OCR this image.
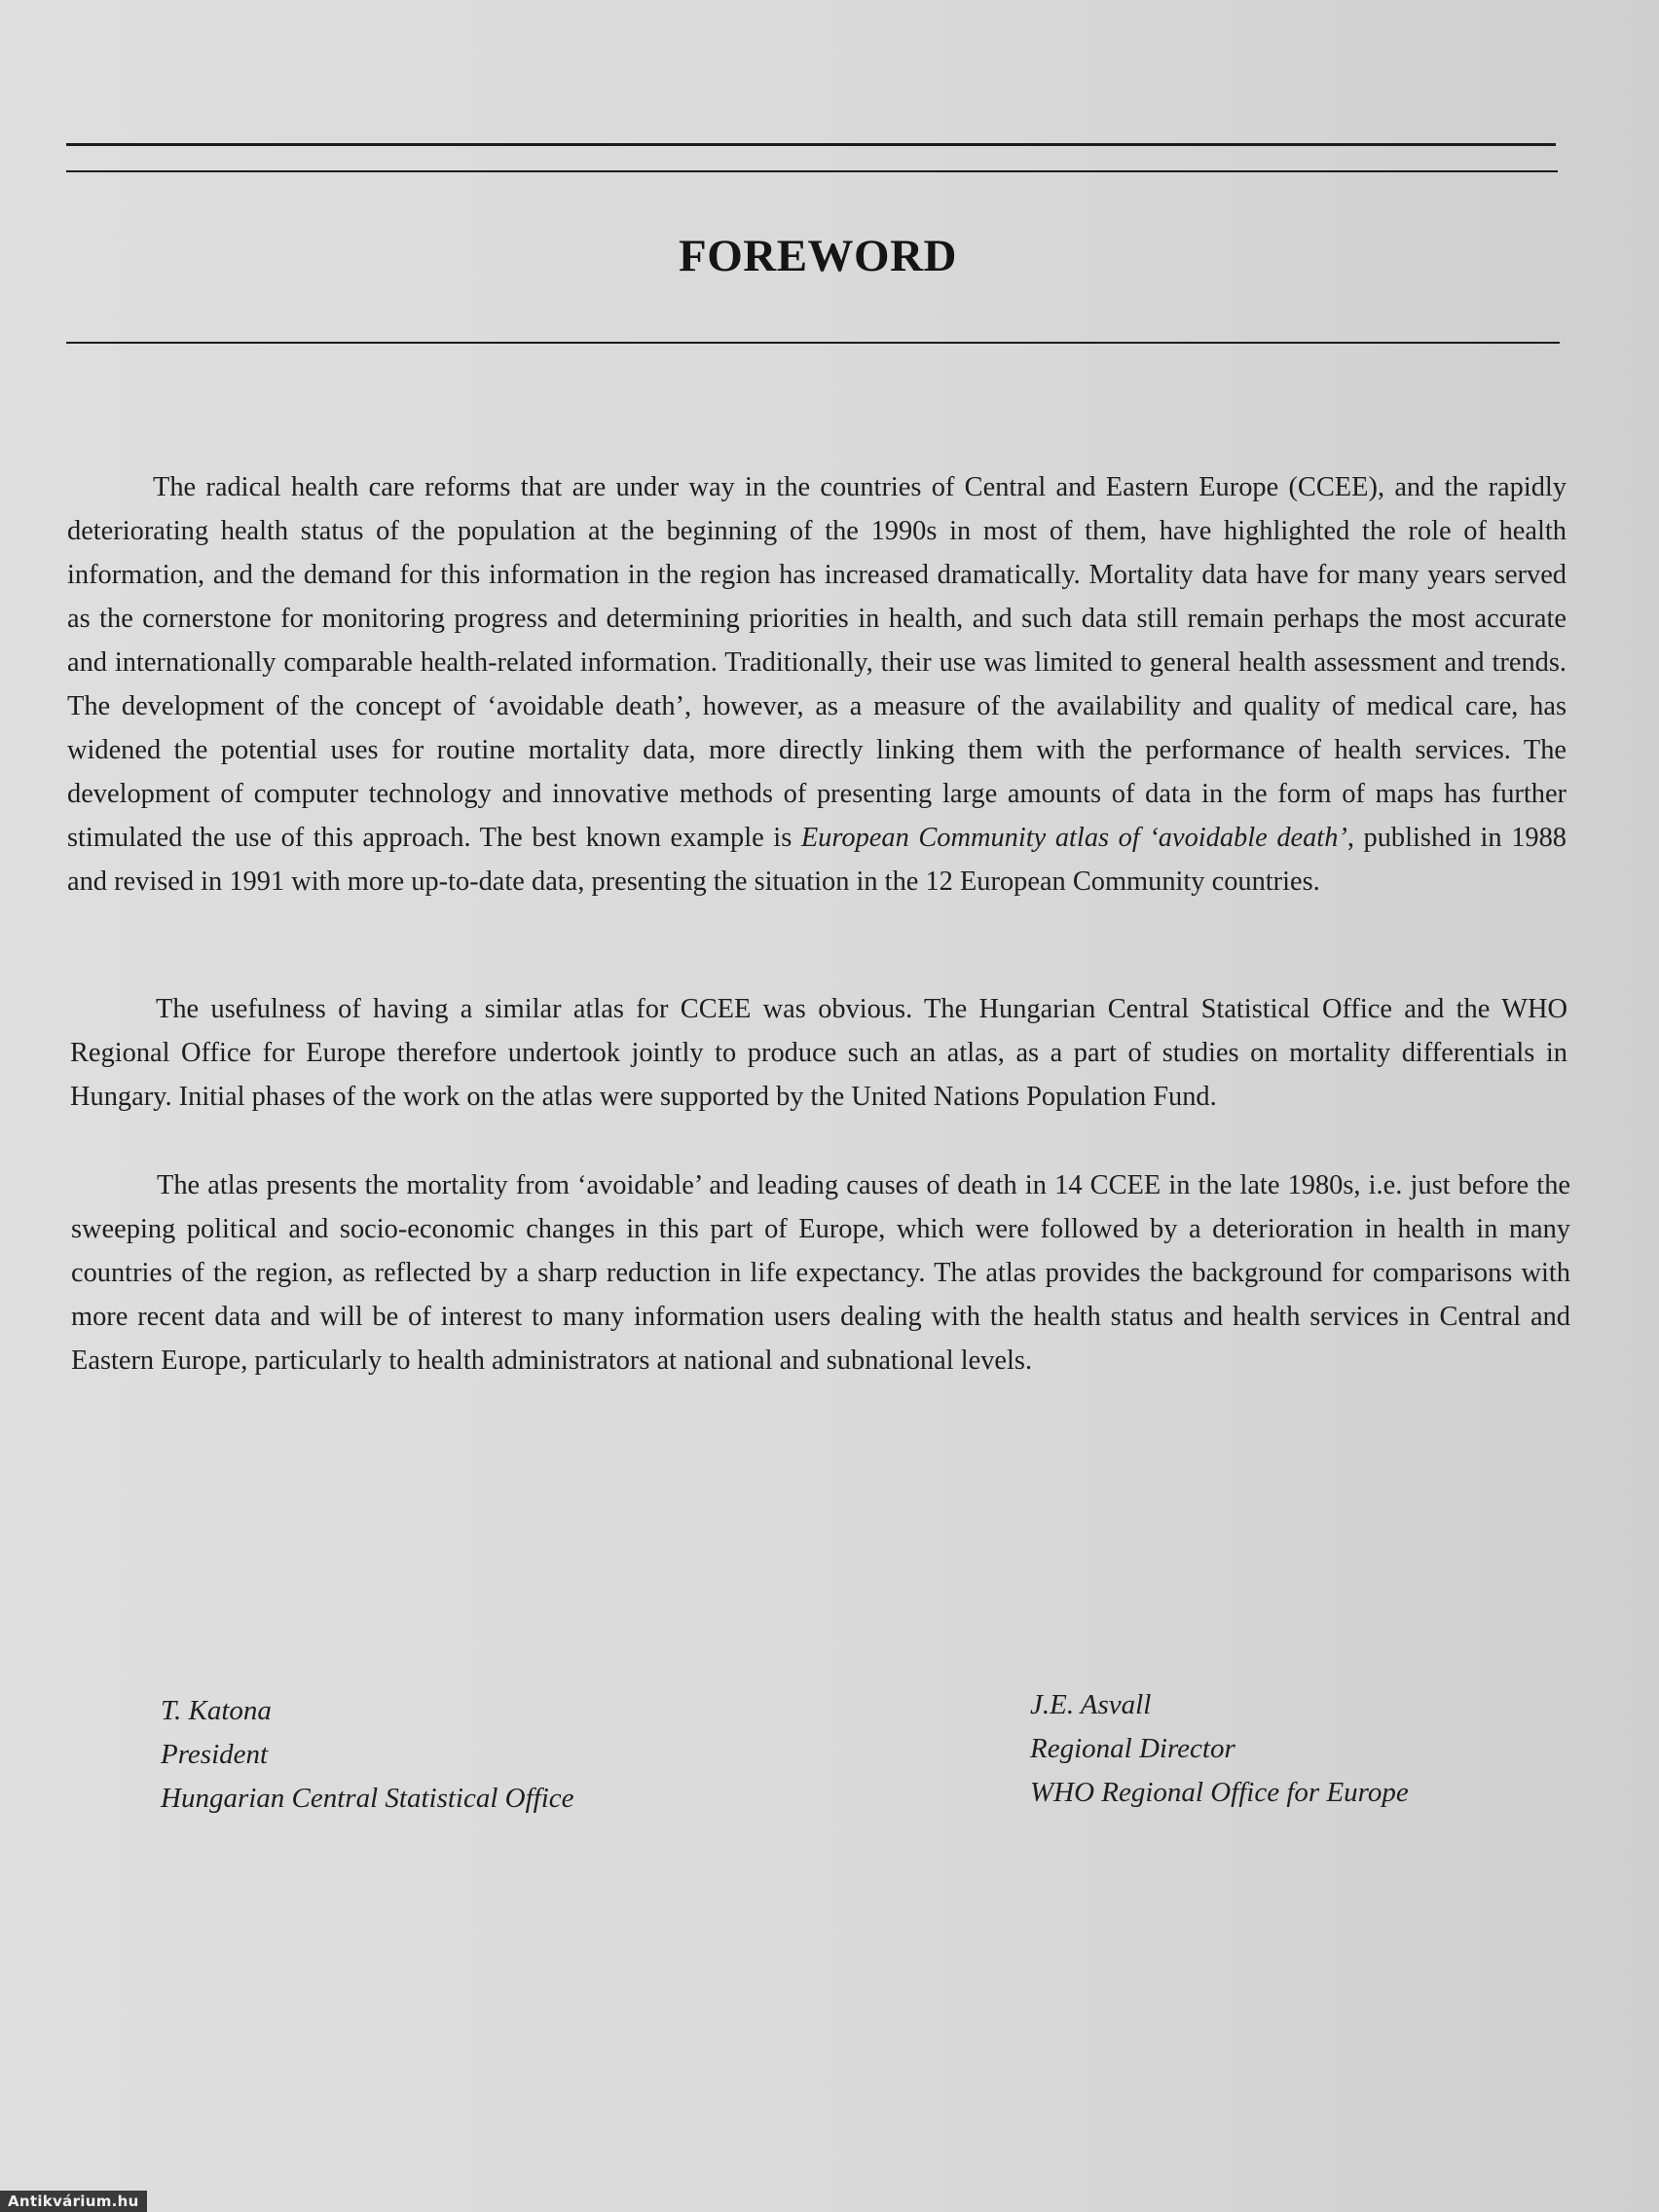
FOREWORD

The radical health care reforms that are under way in the countries of Central and Eastern Europe (CCEE), and the rapidly deteriorating health status of the population at the beginning of the 1990s in most of them, have highlighted the role of health information, and the demand for this information in the region has increased dramatically. Mortality data have for many years served as the cornerstone for monitoring progress and determining priorities in health, and such data still remain perhaps the most accurate and internationally comparable health-related information. Traditionally, their use was limited to general health assessment and trends. The development of the concept of ‘avoidable death’, however, as a measure of the availability and quality of medical care, has widened the potential uses for routine mortality data, more directly linking them with the performance of health services. The development of computer technology and innovative methods of presenting large amounts of data in the form of maps has further stimulated the use of this approach. The best known example is European Community atlas of ‘avoidable death’, published in 1988 and revised in 1991 with more up-to-date data, presenting the situation in the 12 European Community countries.

The usefulness of having a similar atlas for CCEE was obvious. The Hungarian Central Statistical Office and the WHO Regional Office for Europe therefore undertook jointly to produce such an atlas, as a part of studies on mortality differentials in Hungary. Initial phases of the work on the atlas were supported by the United Nations Population Fund.

The atlas presents the mortality from ‘avoidable’ and leading causes of death in 14 CCEE in the late 1980s, i.e. just before the sweeping political and socio-economic changes in this part of Europe, which were followed by a deterioration in health in many countries of the region, as reflected by a sharp reduction in life expectancy. The atlas provides the background for comparisons with more recent data and will be of interest to many information users dealing with the health status and health services in Central and Eastern Europe, particularly to health administrators at national and subnational levels.

T. Katona
President
Hungarian Central Statistical Office
J.E. Asvall
Regional Director
WHO Regional Office for Europe
Antikvárium.hu
